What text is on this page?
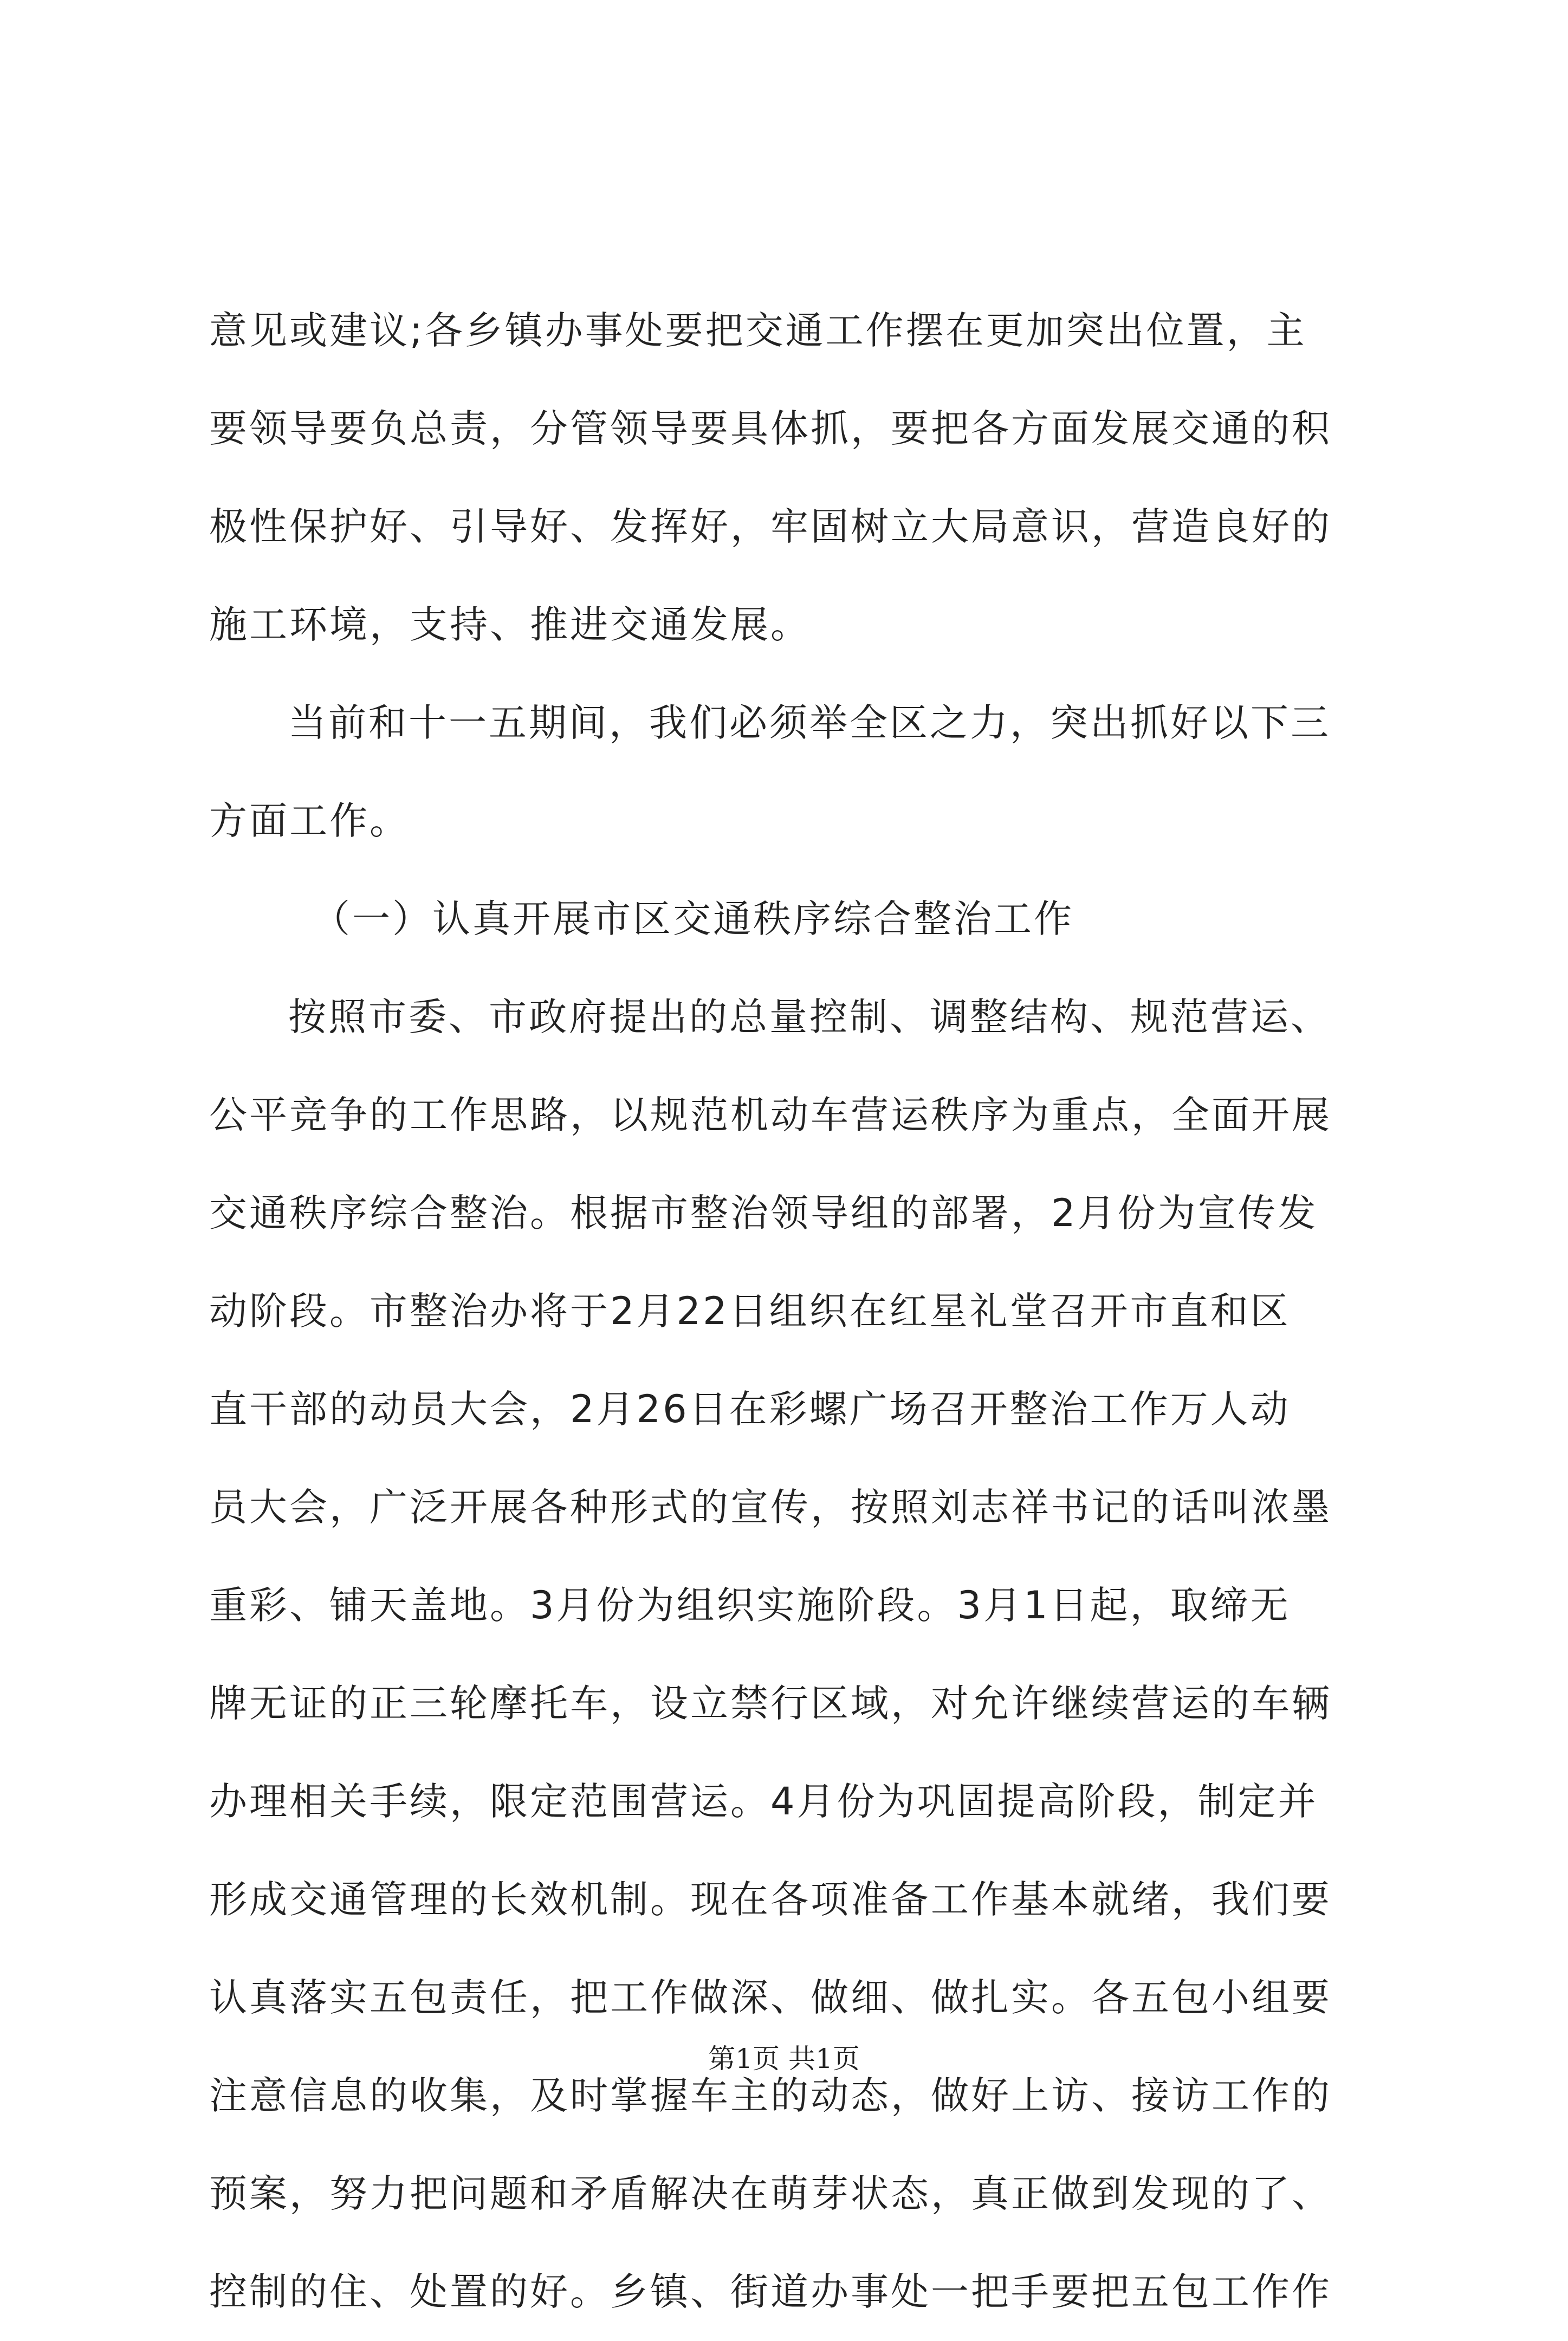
意见或建议;各乡镇办事处要把交通工作摆在更加突出位置，主
要领导要负总责，分管领导要具体抓，要把各方面发展交通的积
极性保护好、引导好、发挥好，牢固树立大局意识，营造良好的
施工环境，支持、推进交通发展。
当前和十一五期间，我们必须举全区之力，突出抓好以下三
方面工作。
（一）认真开展市区交通秩序综合整治工作
按照市委、市政府提出的总量控制、调整结构、规范营运、
公平竞争的工作思路，以规范机动车营运秩序为重点，全面开展
交通秩序综合整治。根据市整治领导组的部署，2月份为宣传发
动阶段。市整治办将于2月22日组织在红星礼堂召开市直和区
直干部的动员大会，2月26日在彩螺广场召开整治工作万人动
员大会，广泛开展各种形式的宣传，按照刘志祥书记的话叫浓墨
重彩、铺天盖地。3月份为组织实施阶段。3月1日起，取缔无
牌无证的正三轮摩托车，设立禁行区域，对允许继续营运的车辆
办理相关手续，限定范围营运。4月份为巩固提高阶段，制定并
形成交通管理的长效机制。现在各项准备工作基本就绪，我们要
认真落实五包责任，把工作做深、做细、做扎实。各五包小组要
注意信息的收集，及时掌握车主的动态，做好上访、接访工作的
预案，努力把问题和矛盾解决在萌芽状态，真正做到发现的了、
控制的住、处置的好。乡镇、街道办事处一把手要把五包工作作
第1页 共1页
